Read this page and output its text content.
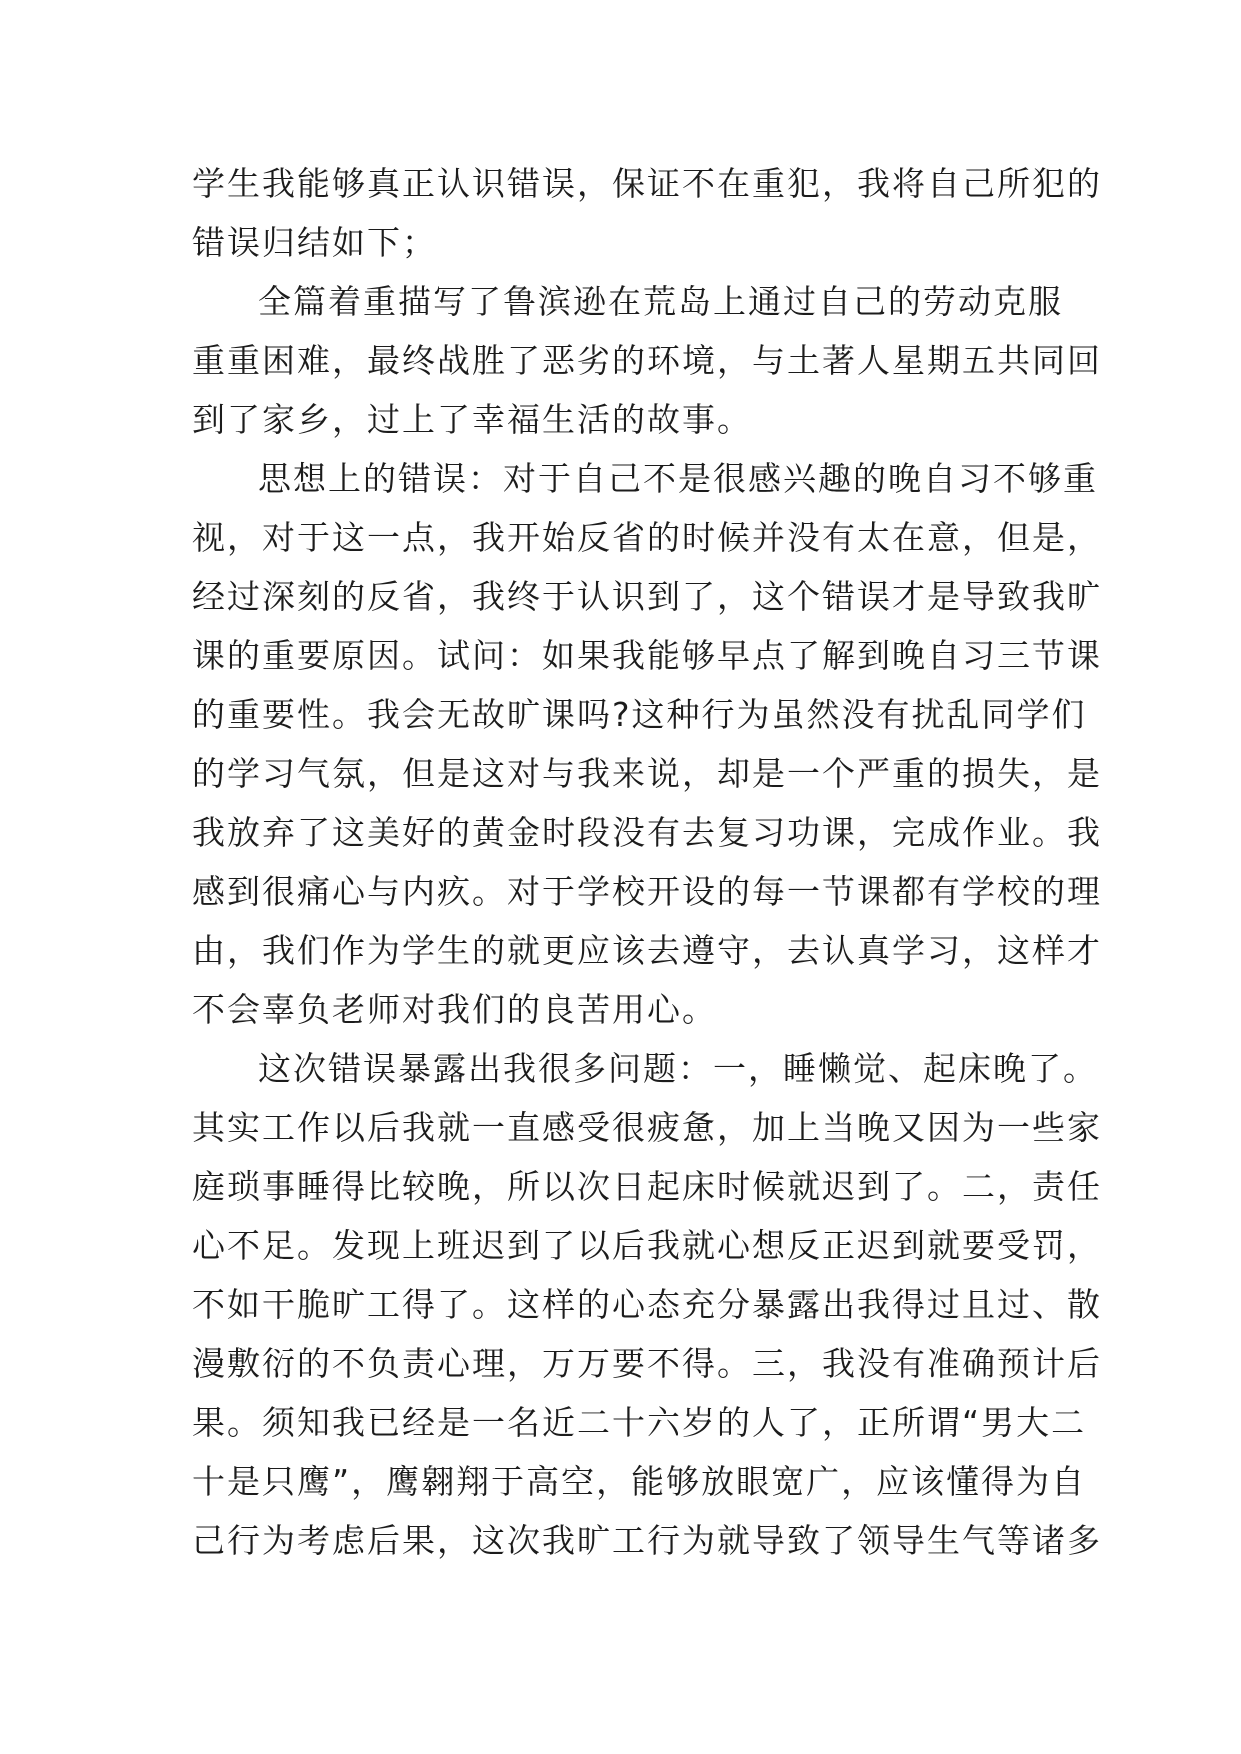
学生我能够真正认识错误，保证不在重犯，我将自己所犯的
错误归结如下；
全篇着重描写了鲁滨逊在荒岛上通过自己的劳动克服
重重困难，最终战胜了恶劣的环境，与土著人星期五共同回
到了家乡，过上了幸福生活的故事。
思想上的错误：对于自己不是很感兴趣的晚自习不够重
视，对于这一点，我开始反省的时候并没有太在意，但是，
经过深刻的反省，我终于认识到了，这个错误才是导致我旷
课的重要原因。试问：如果我能够早点了解到晚自习三节课
的重要性。我会无故旷课吗?这种行为虽然没有扰乱同学们
的学习气氛，但是这对与我来说，却是一个严重的损失，是
我放弃了这美好的黄金时段没有去复习功课，完成作业。我
感到很痛心与内疚。对于学校开设的每一节课都有学校的理
由，我们作为学生的就更应该去遵守，去认真学习，这样才
不会辜负老师对我们的良苦用心。
这次错误暴露出我很多问题：一，睡懒觉、起床晚了。
其实工作以后我就一直感受很疲惫，加上当晚又因为一些家
庭琐事睡得比较晚，所以次日起床时候就迟到了。二，责任
心不足。发现上班迟到了以后我就心想反正迟到就要受罚，
不如干脆旷工得了。这样的心态充分暴露出我得过且过、散
漫敷衍的不负责心理，万万要不得。三，我没有准确预计后
果。须知我已经是一名近二十六岁的人了，正所谓“男大二
十是只鹰”，鹰翱翔于高空，能够放眼宽广，应该懂得为自
己行为考虑后果，这次我旷工行为就导致了领导生气等诸多
